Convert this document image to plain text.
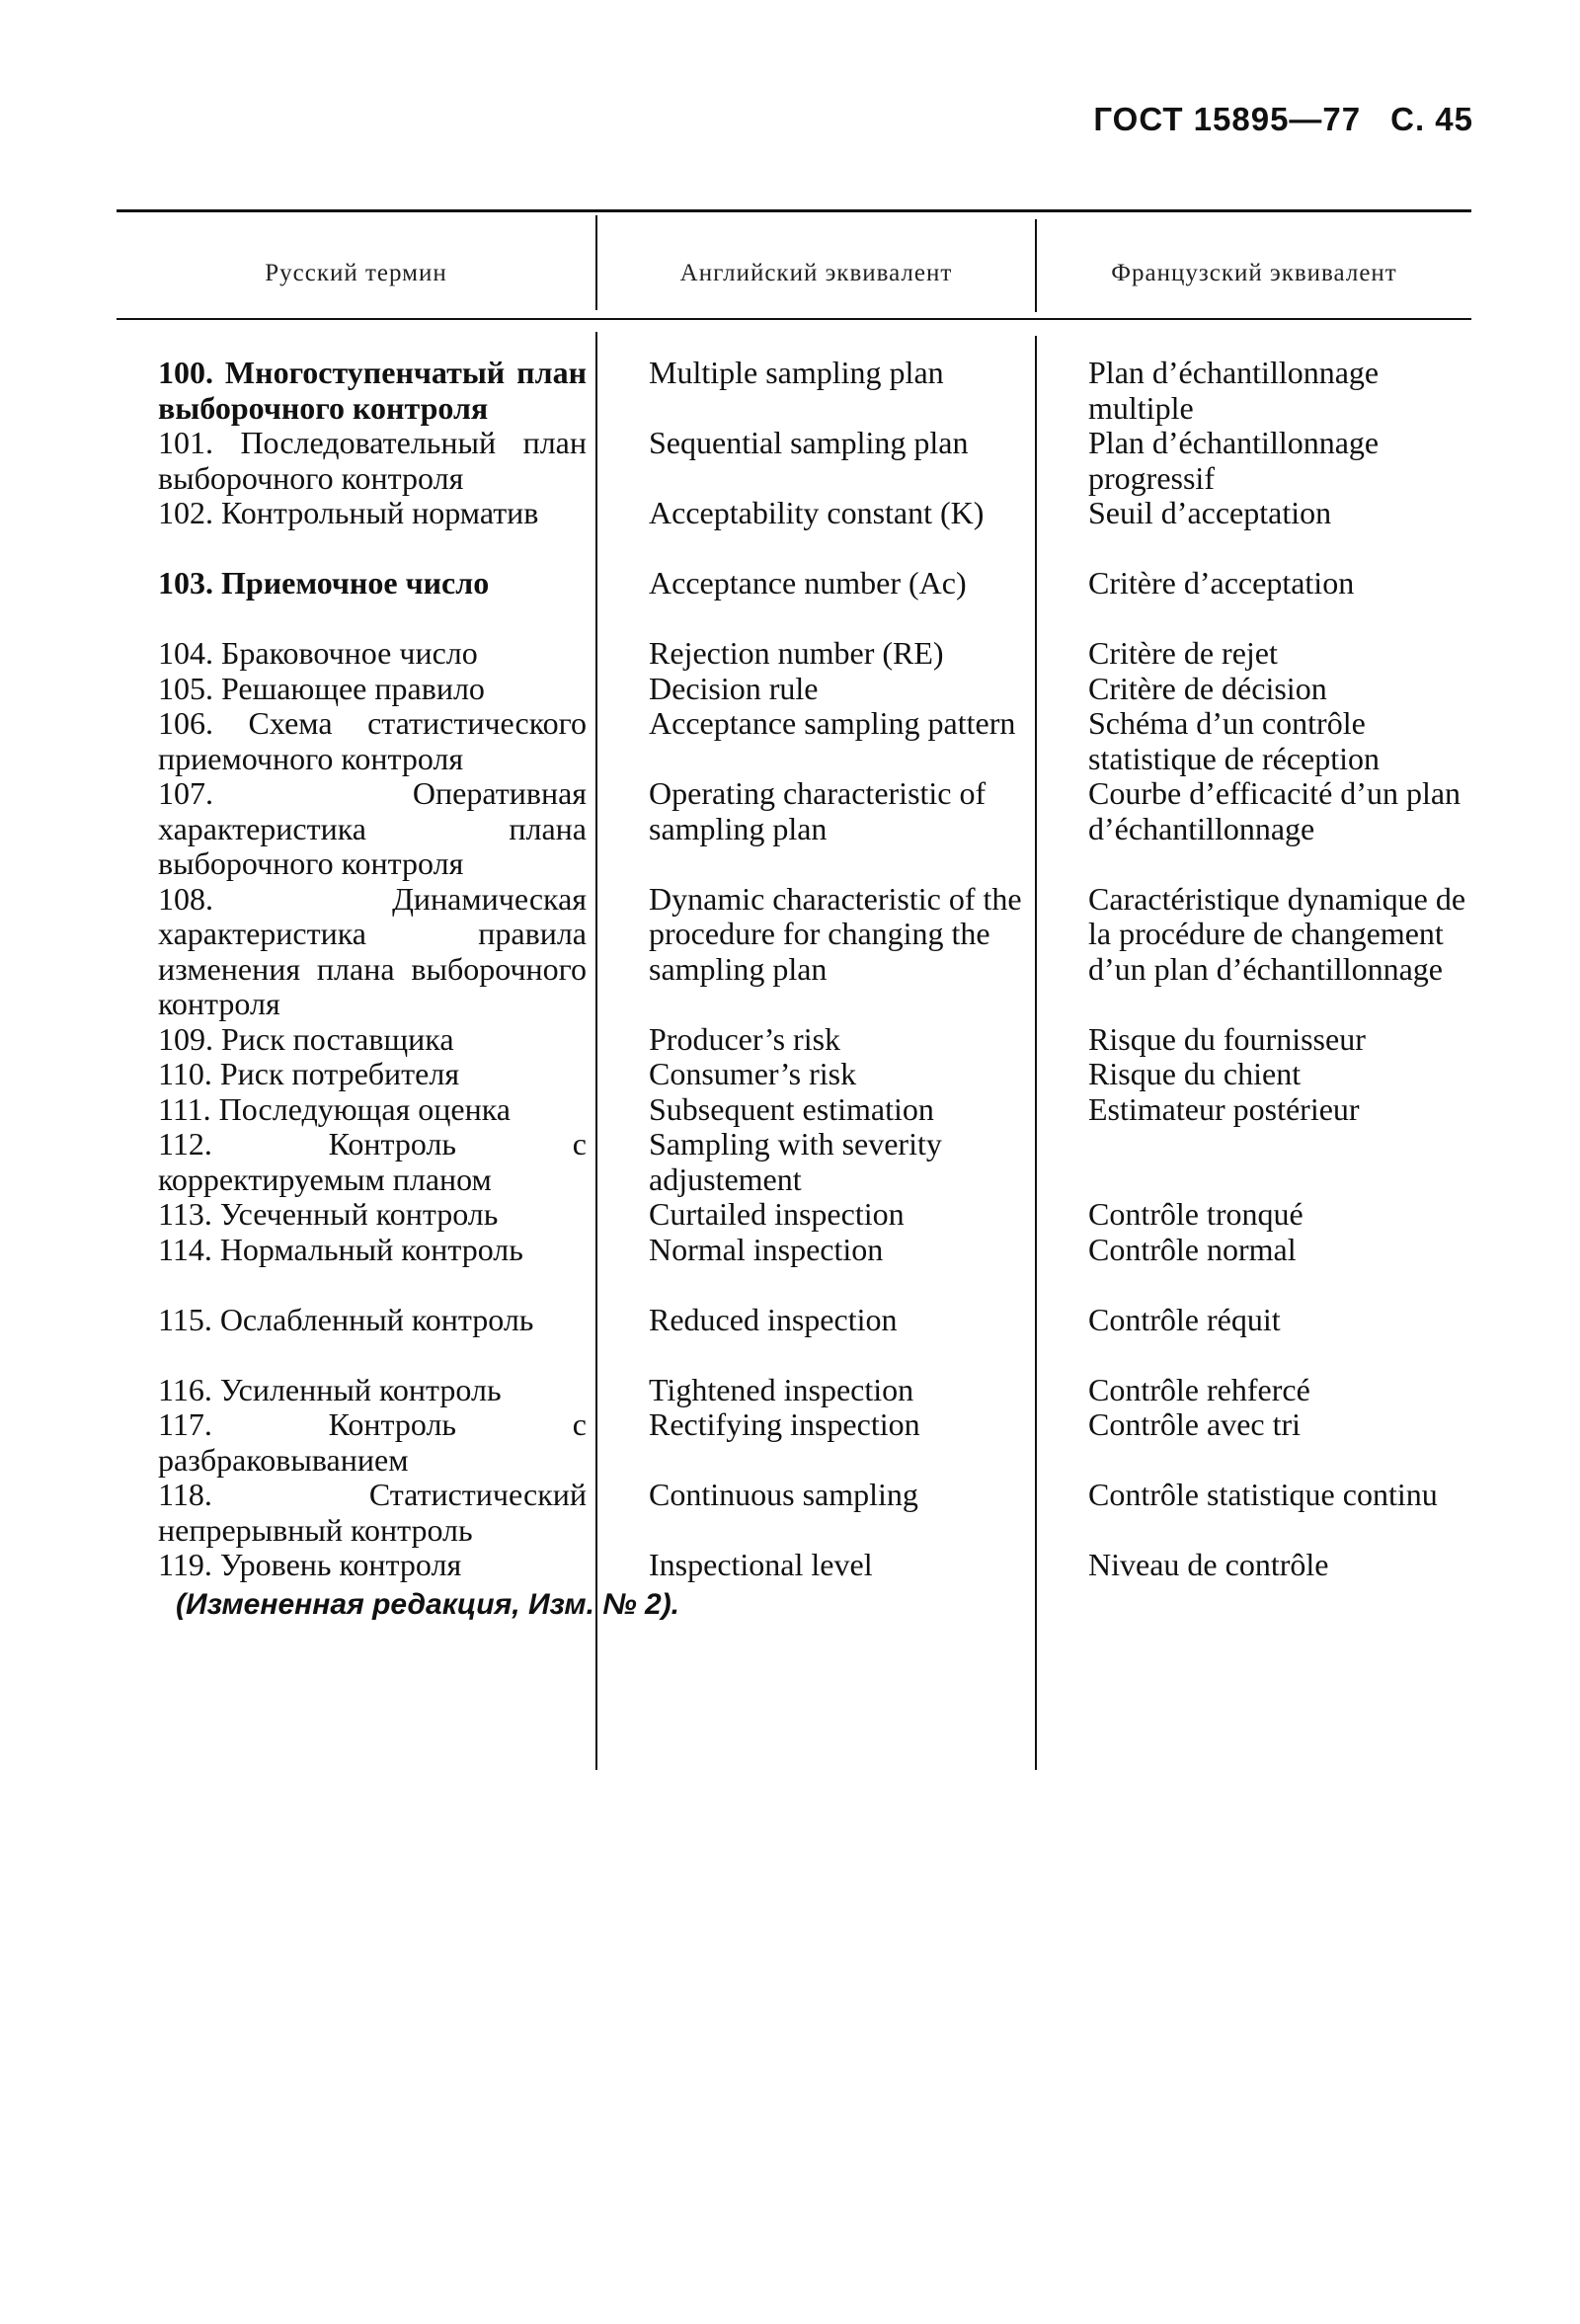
ГОСТ 15895—77 С. 45
Русский термин	Английский эквивалент	Французский эквивалент
100. Многоступенчатый план выборочного контроля
101. Последовательный план выборочного контроля
102. Контрольный норматив
103. Приемочное число
104. Браковочное число
105. Решающее правило
106. Схема статистического приемочного контроля
107. Оперативная характеристика плана выборочного контроля
108. Динамическая характеристика правила изменения плана выборочного контроля
109. Риск поставщика
110. Риск потребителя
111. Последующая оценка
112. Контроль с корректируемым планом
113. Усеченный контроль
114. Нормальный контроль
115. Ослабленный контроль
116. Усиленный контроль
117. Контроль с разбраковыванием
118. Статистический непрерывный контроль
119. Уровень контроля
Multiple sampling plan
Sequential sampling plan
Acceptability constant (K)
Acceptance number (Ac)
Rejection number (RE)
Decision rule
Acceptance sampling pattern
Operating characteristic of sampling plan
Dynamic characteristic of the procedure for changing the sampling plan
Producer’s risk
Consumer’s risk
Subsequent estimation
Sampling with severity adjustement
Curtailed inspection
Normal inspection
Reduced inspection
Tightened inspection
Rectifying inspection
Continuous sampling
Inspectional level
Plan d’échantillonnage multiple
Plan d’échantillonnage progressif
Seuil d’acceptation
Critère d’acceptation
Critère de rejet
Critère de décision
Schéma d’un contrôle statistique de réception
Courbe d’efficacité d’un plan d’échantillonnage
Caractéristique dynamique de la procédure de changement d’un plan d’échantillonnage
Risque du fournisseur
Risque du chient
Estimateur postérieur
Contrôle tronqué
Contrôle normal
Contrôle réquit
Contrôle rehfercé
Contrôle avec tri
Contrôle statistique continu
Niveau de contrôle
(Измененная редакция, Изм. № 2).
